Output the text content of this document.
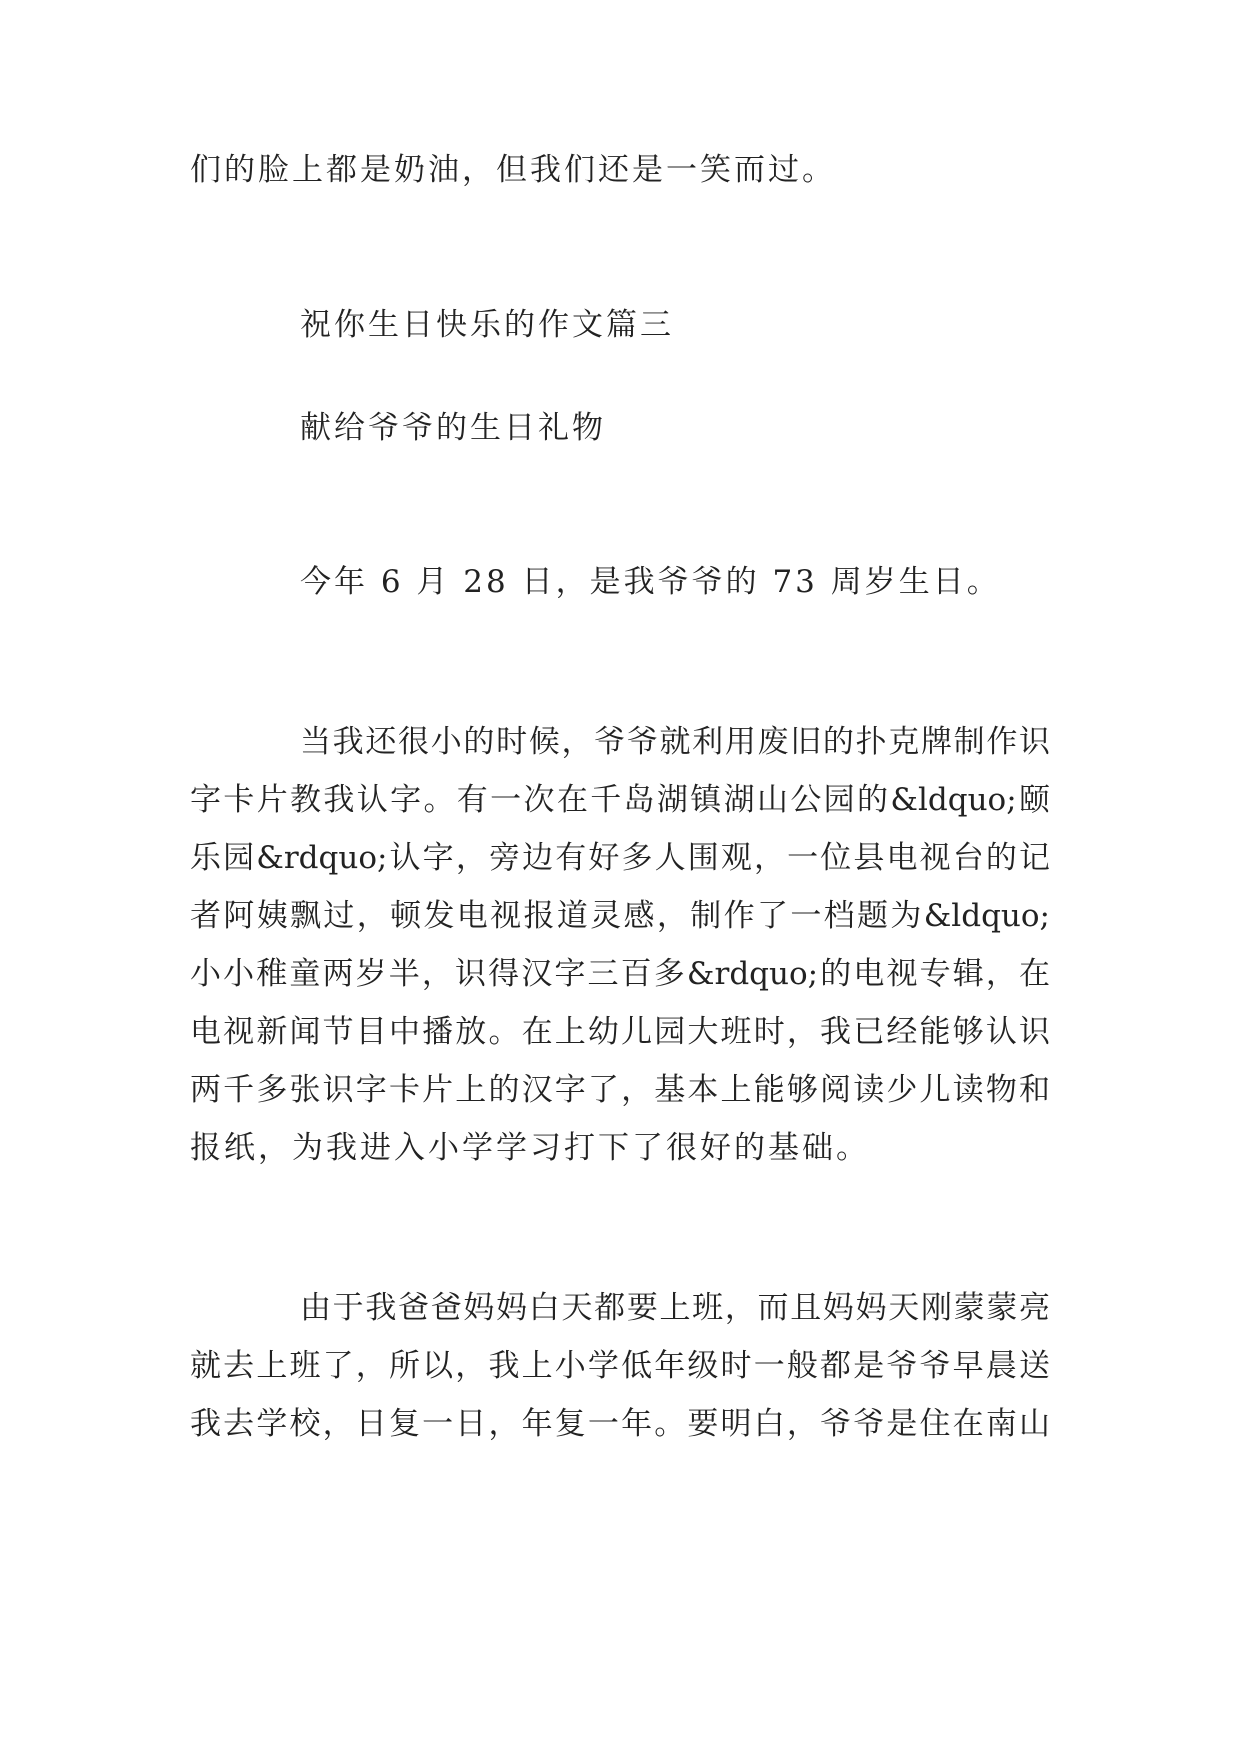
们的脸上都是奶油，但我们还是一笑而过。
祝你生日快乐的作文篇三
献给爷爷的生日礼物
今年 6 月 28 日，是我爷爷的 73 周岁生日。
当我还很小的时候，爷爷就利用废旧的扑克牌制作识
字卡片教我认字。有一次在千岛湖镇湖山公园的&ldquo;颐
乐园&rdquo;认字，旁边有好多人围观，一位县电视台的记
者阿姨飘过，顿发电视报道灵感，制作了一档题为&ldquo;
小小稚童两岁半，识得汉字三百多&rdquo;的电视专辑，在
电视新闻节目中播放。在上幼儿园大班时，我已经能够认识
两千多张识字卡片上的汉字了，基本上能够阅读少儿读物和
报纸，为我进入小学学习打下了很好的基础。
由于我爸爸妈妈白天都要上班，而且妈妈天刚蒙蒙亮
就去上班了，所以，我上小学低年级时一般都是爷爷早晨送
我去学校，日复一日，年复一年。要明白，爷爷是住在南山
